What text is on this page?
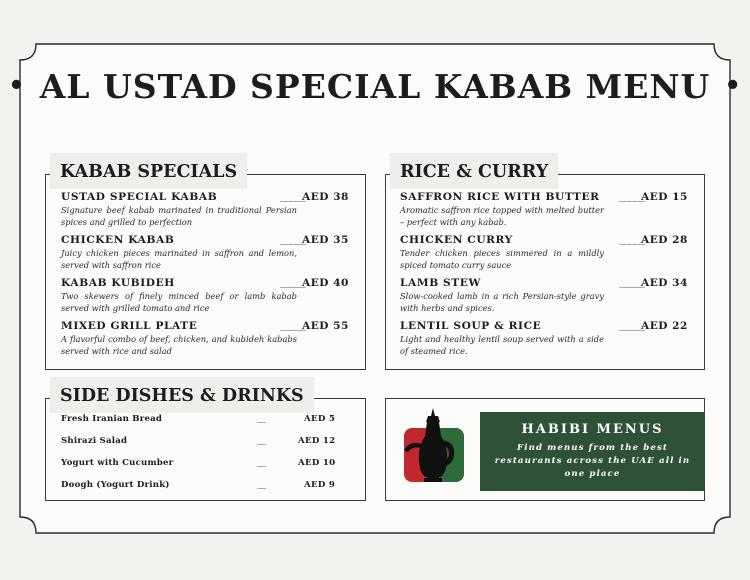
• AL USTAD SPECIAL KABAB MENU •
KABAB SPECIALS
USTAD SPECIAL KABAB	_____
AED 38
Signature beef kabab marinated in traditional Persian spices and grilled to perfection
CHICKEN KABAB	_____
AED 35
Juicy chicken pieces marinated in saffron and lemon, served with saffron rice
KABAB KUBIDEH	_____
AED 40
Two skewers of finely minced beef or lamb kabab served with grilled tomato and rice
MIXED GRILL PLATE	_____
AED 55
A flavorful combo of beef, chicken, and kubideh kababs served with rice and salad
RICE & CURRY
SAFFRON RICE WITH BUTTER _____
AED 15
Aromatic saffron rice topped with melted butter – perfect with any kabab.
CHICKEN CURRY	_____
AED 28
Tender chicken pieces simmered in a mildly spiced tomato curry sauce
LAMB STEW	_____
AED 34
Slow-cooked lamb in a rich Persian-style gravy with herbs and spices.
LENTIL SOUP & RICE	_____
AED 22
Light and healthy lentil soup served with a side of steamed rice.
SIDE DISHES & DRINKS
Fresh Iranian Bread	__	AED 5
Shirazi Salad	__	AED 12
Yogurt with Cucumber	__	AED 10
Doogh (Yogurt Drink)	__	AED 9
HABIBI MENUS
Find menus from the best restaurants across the UAE all in one place
